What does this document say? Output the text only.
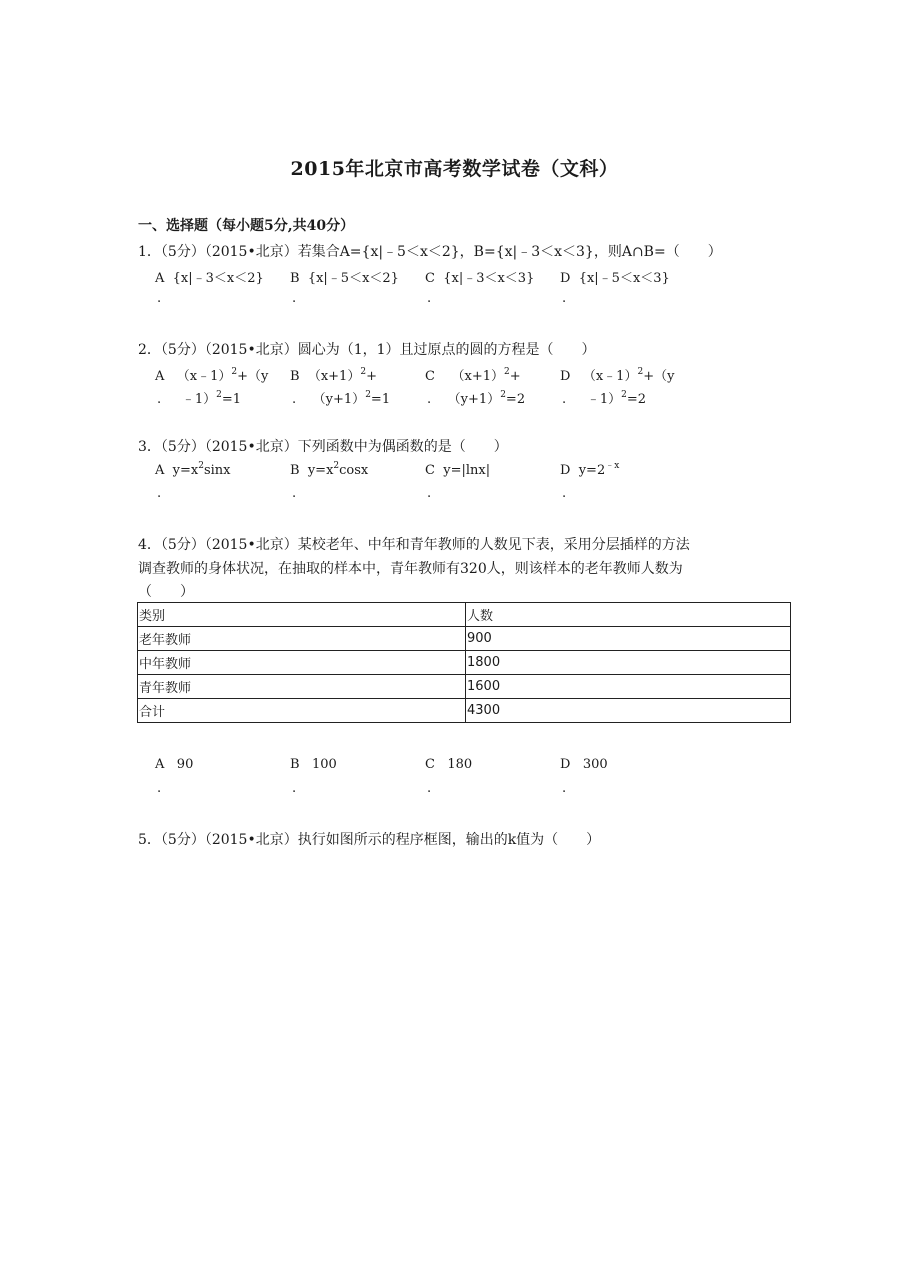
2015年北京市高考数学试卷（文科）
一、选择题（每小题5分,共40分）
1．（5分）（2015•北京）若集合A={x|﹣5＜x＜2}，B={x|﹣3＜x＜3}，则A∩B=（　　）
A {x|﹣3＜x＜2}
.
B {x|﹣5＜x＜2}
.
C {x|﹣3＜x＜3}
.
D {x|﹣5＜x＜3}
.
2．（5分）（2015•北京）圆心为（1，1）且过原点的圆的方程是（　　）
A （x﹣1）$^2$+（y
. ﹣1）$^2$=1
B $(x+1)^2+$
. $(y+1)^2=1$
C $(x+1)^2+$
. $(y+1)^2=2$
D （x﹣1）$^2$+（y
. ﹣1）$^2$=2
3．（5分）（2015•北京）下列函数中为偶函数的是（　　）
A $y=x^2\sin x$
.
B $y=x^2\cos x$
.
C y=|lnx|
.
D $y=2^{﹣x}$
.
4．（5分）（2015•北京）某校老年、中年和青年教师的人数见下表，采用分层插样的方法
调查教师的身体状况，在抽取的样本中，青年教师有320人，则该样本的老年教师人数为
（　　）
类别	人数
老年教师	900
中年教师	1800
青年教师	1600
合计	4300
A 90
.
B 100
.
C 180
.
D 300
.
5．（5分）（2015•北京）执行如图所示的程序框图，输出的k值为（　　）
